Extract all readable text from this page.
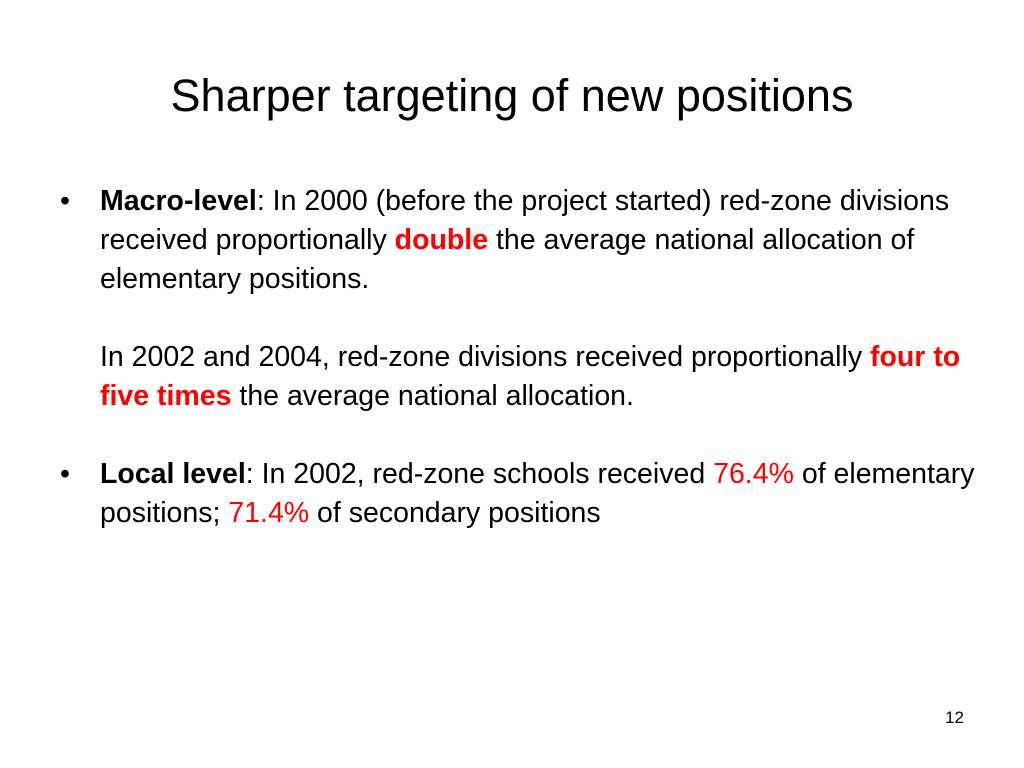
Sharper targeting of new positions
•	Macro-level: In 2000 (before the project started) red-zone divisions received proportionally double the average national allocation of elementary positions.

In 2002 and 2004, red-zone divisions received proportionally four to five times the average national allocation.

•	Local level: In 2002, red-zone schools received 76.4% of elementary positions; 71.4% of secondary positions

12
